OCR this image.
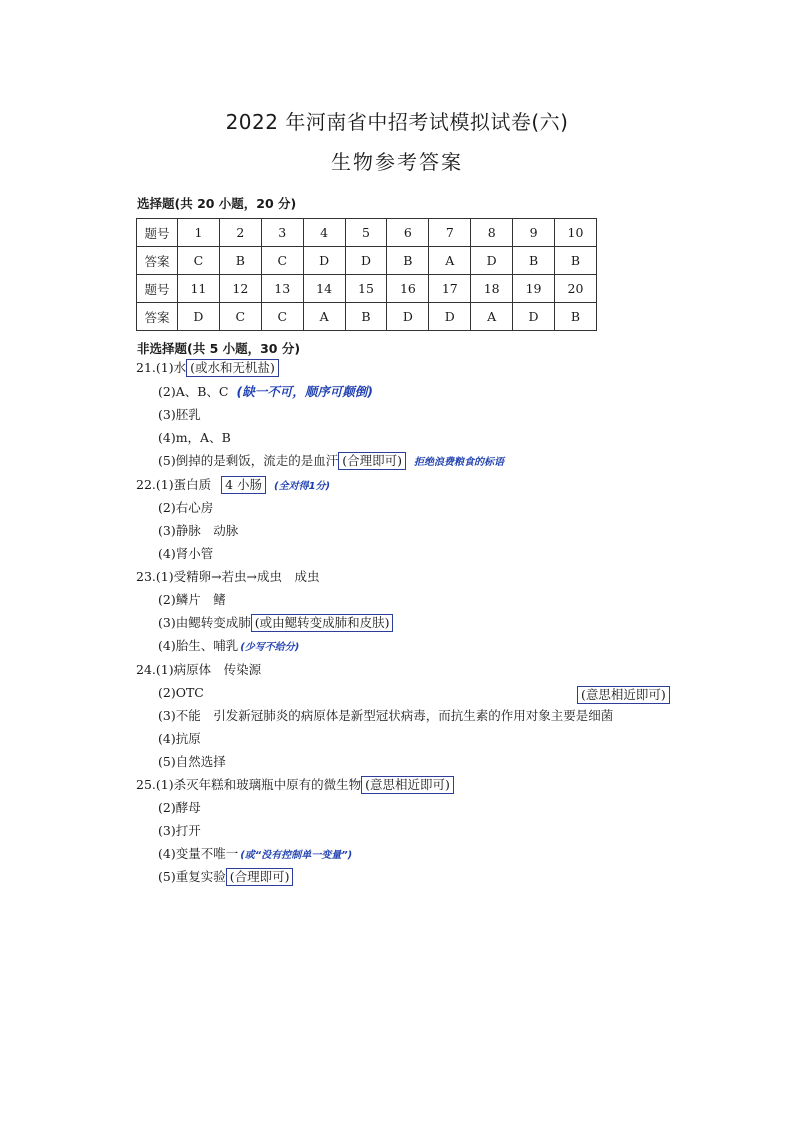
2022 年河南省中招考试模拟试卷(六)
生物参考答案
选择题(共 20 小题，20 分)
题号	1	2	3	4	5	6	7	8	9	10
答案	C	B	C	D	D	B	A	D	B	B
题号	11	12	13	14	15	16	17	18	19	20
答案	D	C	C	A	B	D	D	A	D	B
非选择题(共 5 小题，30 分)
21.(1)水 (或水和无机盐)
(2)A、B、C (缺一不可，顺序可颠倒)
(3)胚乳
(4)m，A、B
(5)倒掉的是剩饭，流走的是血汗 (合理即可) 拒绝浪费粮食的标语
22.(1)蛋白质 4 小肠 (全对得1分)
(2)右心房
(3)静脉　动脉
(4)肾小管
23.(1)受精卵→若虫→成虫　成虫
(2)鳞片　鳍
(3)由鳃转变成肺 (或由鳃转变成肺和皮肤)
(4)胎生、哺乳 (少写不给分)
24.(1)病原体　传染源
(2)OTC	(意思相近即可)
(3)不能　引发新冠肺炎的病原体是新型冠状病毒，而抗生素的作用对象主要是细菌
(4)抗原
(5)自然选择
25.(1)杀灭年糕和玻璃瓶中原有的微生物 (意思相近即可)
(2)酵母
(3)打开
(4)变量不唯一 (或“没有控制单一变量”)
(5)重复实验 (合理即可)
